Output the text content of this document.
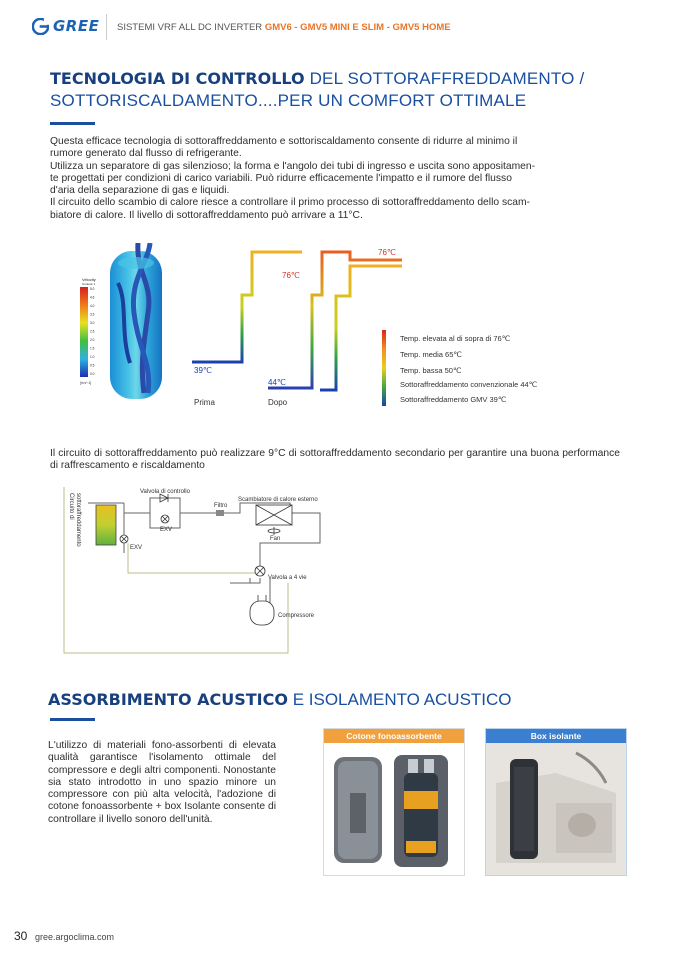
GREE SISTEMI VRF ALL DC INVERTER GMV6 - GMV5 MINI E SLIM - GMV5 HOME
TECNOLOGIA DI CONTROLLO DEL SOTTORAFFREDDAMENTO /
SOTTORISCALDAMENTO....PER UN COMFORT OTTIMALE
Questa efficace tecnologia di sottoraffreddamento e sottoriscaldamento consente di ridurre al minimo il
rumore generato dal flusso di refrigerante.
Utilizza un separatore di gas silenzioso; la forma e l'angolo dei tubi di ingresso e uscita sono appositamen-
te progettati per condizioni di carico variabili. Può ridurre efficacemente l'impatto e il rumore del flusso
d'aria della separazione di gas e liquidi.
Il circuito dello scambio di calore riesce a controllare il primo processo di sottoraffreddamento dello scam-
biatore di calore. Il livello di sottoraffreddamento può arrivare a 11°C.
Velocity
Contour 1
5.0
4.6
4.0
3.5
3.0
2.5
2.0
1.5
1.0
0.5
0.0
[m s^-1]
39℃
76℃
44℃
76℃
Prima	Dopo
Temp. elevata al di sopra di 76℃
Temp. media 65℃
Temp. bassa 50℃
Sottoraffreddamento convenzionale 44℃
Sottoraffreddamento GMV 39℃
Il circuito di sottoraffreddamento può realizzare 9°C di sottoraffreddamento secondario per garantire una buona performance di raffrescamento e riscaldamento
Circuito di sottoraffreddamento
Valvola di controllo
Scambiatore di calore esterno
Filtro
EXV
EXV
Fan
Valvola a 4 vie
Compressore
ASSORBIMENTO ACUSTICO E ISOLAMENTO ACUSTICO
L'utilizzo di materiali fono-assorbenti di elevata qualità garantisce l'isolamento ottimale del compressore e degli altri componenti. Nonostante sia stato introdotto in uno spazio minore un compressore con più alta velocità, l'adozione di cotone fonoassorbente + box Isolante consente di controllare il livello sonoro dell'unità.
Cotone fonoassorbente	Box isolante
30 gree.argoclima.com
